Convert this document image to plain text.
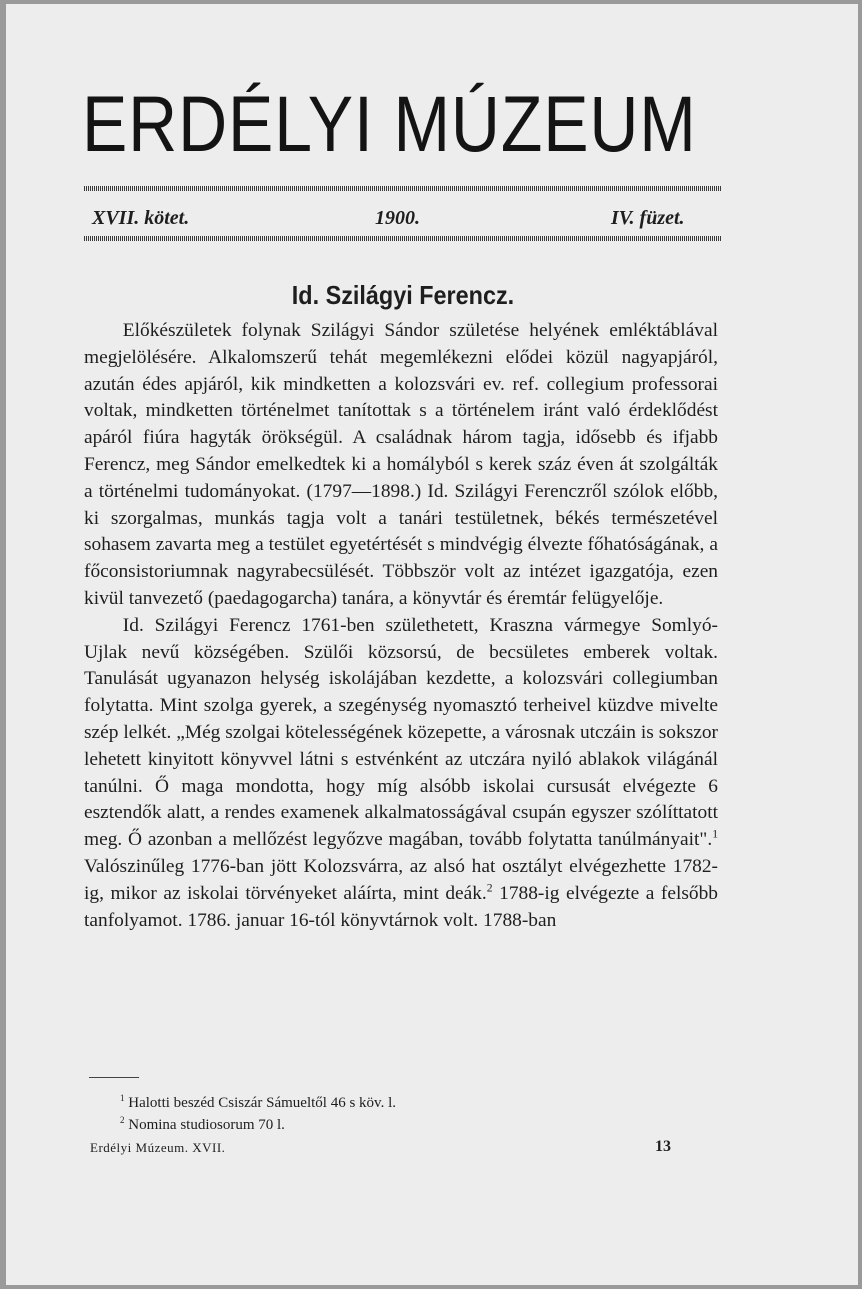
ERDÉLYI MÚZEUM
XVII. kötet.	1900.	IV. füzet.
Id. Szilágyi Ferencz.

Előkészületek folynak Szilágyi Sándor születése helyének emléktáblával megjelölésére. Alkalomszerű tehát megemlékezni elődei közül nagyapjáról, azután édes apjáról, kik mindketten a kolozsvári ev. ref. collegium professorai voltak, mindketten történelmet tanítottak s a történelem iránt való érdeklődést apáról fiúra hagyták örökségül. A családnak három tagja, idősebb és ifjabb Ferencz, meg Sándor emelkedtek ki a homályból s kerek száz éven át szolgálták a történelmi tudományokat. (1797—1898.) Id. Szilágyi Ferenczről szólok előbb, ki szorgalmas, munkás tagja volt a tanári testületnek, békés természetével sohasem zavarta meg a testület egyetértését s mindvégig élvezte főhatóságának, a főconsistoriumnak nagyrabecsülését. Többször volt az intézet igazgatója, ezen kivül tanvezető (paedagogarcha) tanára, a könyvtár és éremtár felügyelője.

Id. Szilágyi Ferencz 1761-ben születhetett, Kraszna vármegye Somlyó-Ujlak nevű községében. Szülői közsorsú, de becsületes emberek voltak. Tanulását ugyanazon helység iskolájában kezdette, a kolozsvári collegiumban folytatta. Mint szolga gyerek, a szegénység nyomasztó terheivel küzdve mivelte szép lelkét. „Még szolgai kötelességének közepette, a városnak utczáin is sokszor lehetett kinyitott könyvvel látni s estvénként az utczára nyiló ablakok világánál tanúlni. Ő maga mondotta, hogy míg alsóbb iskolai cursusát elvégezte 6 esztendők alatt, a rendes examenek alkalmatosságával csupán egyszer szólíttatott meg. Ő azonban a mellőzést legyőzve magában, tovább folytatta tanúlmányait".$^1$ Valószinűleg 1776-ban jött Kolozsvárra, az alsó hat osztályt elvégezhette 1782-ig, mikor az iskolai törvényeket aláírta, mint deák.$^2$ 1788-ig elvégezte a felsőbb tanfolyamot. 1786. januar 16-tól könyvtárnok volt. 1788-ban

$^1$ Halotti beszéd Csiszár Sámueltől 46 s köv. l.
$^2$ Nomina studiosorum 70 l.
Erdélyi Múzeum. XVII.	13
